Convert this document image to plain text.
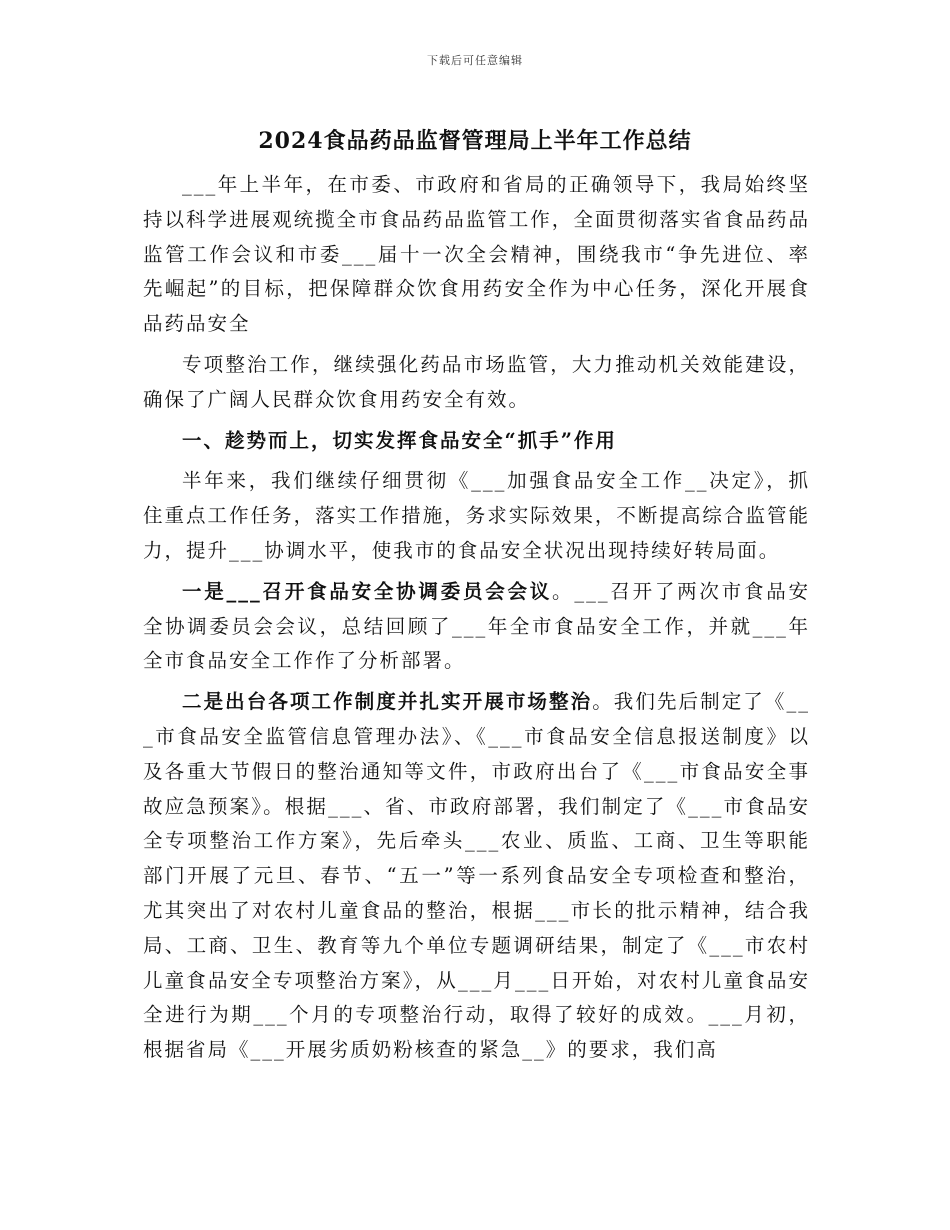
下载后可任意编辑
2024食品药品监督管理局上半年工作总结

___年上半年，在市委、市政府和省局的正确领导下，我局始终坚持以科学进展观统揽全市食品药品监管工作，全面贯彻落实省食品药品监管工作会议和市委___届十一次全会精神，围绕我市“争先进位、率先崛起”的目标，把保障群众饮食用药安全作为中心任务，深化开展食品药品安全

专项整治工作，继续强化药品市场监管，大力推动机关效能建设，确保了广阔人民群众饮食用药安全有效。

一、趁势而上，切实发挥食品安全“抓手”作用

半年来，我们继续仔细贯彻《___加强食品安全工作__决定》，抓住重点工作任务，落实工作措施，务求实际效果，不断提高综合监管能力，提升___协调水平，使我市的食品安全状况出现持续好转局面。

一是___召开食品安全协调委员会会议。___召开了两次市食品安全协调委员会会议，总结回顾了___年全市食品安全工作，并就___年全市食品安全工作作了分析部署。

二是出台各项工作制度并扎实开展市场整治。我们先后制定了《___市食品安全监管信息管理办法》、《___市食品安全信息报送制度》以及各重大节假日的整治通知等文件，市政府出台了《___市食品安全事故应急预案》。根据___、省、市政府部署，我们制定了《___市食品安全专项整治工作方案》，先后牵头___农业、质监、工商、卫生等职能部门开展了元旦、春节、“五一”等一系列食品安全专项检查和整治，尤其突出了对农村儿童食品的整治，根据___市长的批示精神，结合我局、工商、卫生、教育等九个单位专题调研结果，制定了《___市农村儿童食品安全专项整治方案》，从___月___日开始，对农村儿童食品安全进行为期___个月的专项整治行动，取得了较好的成效。___月初，根据省局《___开展劣质奶粉核查的紧急__》的要求，我们高
